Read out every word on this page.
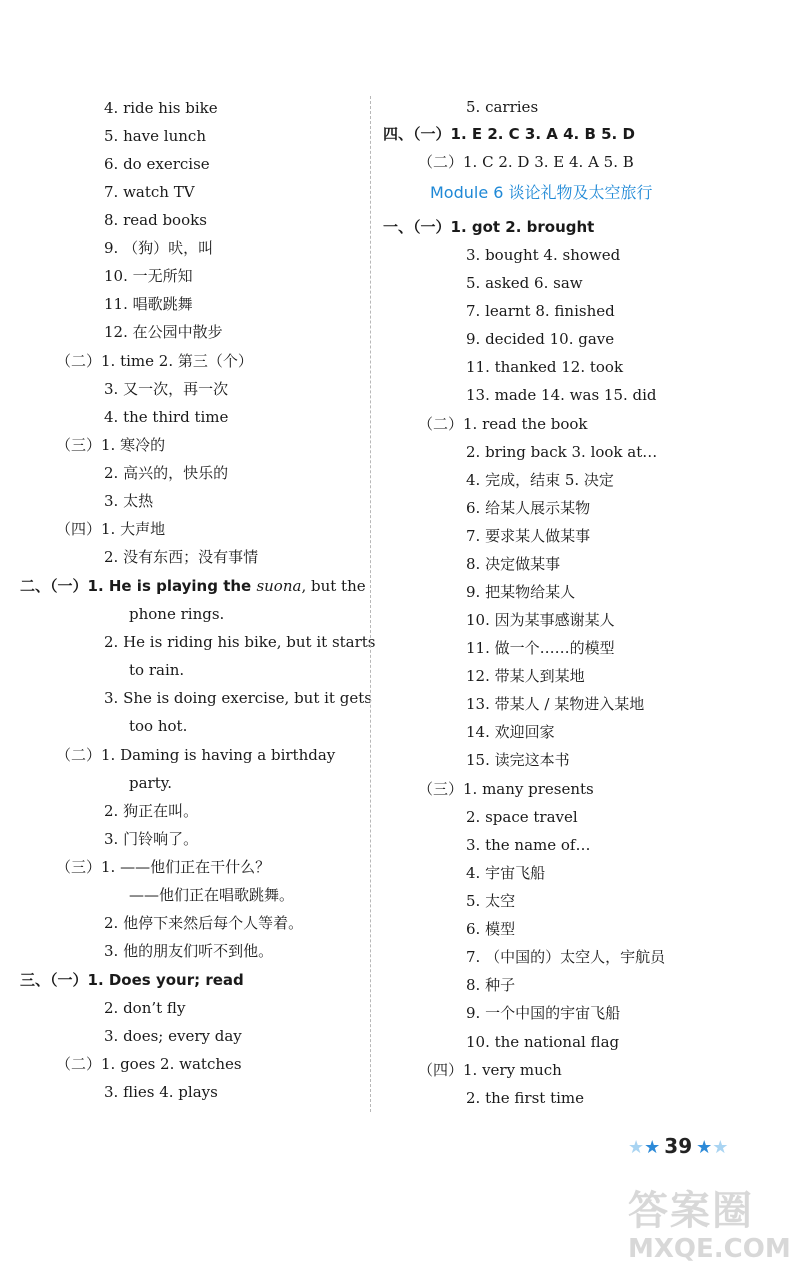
4. ride his bike
5. have lunch
6. do exercise
7. watch TV
8. read books
9. （狗）吠，叫
10. 一无所知
11. 唱歌跳舞
12. 在公园中散步
（二）1. time 2. 第三（个）
3. 又一次，再一次
4. the third time
（三）1. 寒冷的
2. 高兴的，快乐的
3. 太热
（四）1. 大声地
2. 没有东西；没有事情
二、（一）1. He is playing the suona, but the
phone rings.
2. He is riding his bike, but it starts
to rain.
3. She is doing exercise, but it gets
too hot.
（二）1. Daming is having a birthday
party.
2. 狗正在叫。
3. 门铃响了。
（三）1. ——他们正在干什么？
——他们正在唱歌跳舞。
2. 他停下来然后每个人等着。
3. 他的朋友们听不到他。
三、（一）1. Does your; read
2. don’t fly
3. does; every day
（二）1. goes 2. watches
3. flies 4. plays
5. carries
四、（一）1. E 2. C 3. A 4. B 5. D
（二）1. C 2. D 3. E 4. A 5. B
Module 6 谈论礼物及太空旅行
一、（一）1. got 2. brought
3. bought 4. showed
5. asked 6. saw
7. learnt 8. finished
9. decided 10. gave
11. thanked 12. took
13. made 14. was 15. did
（二）1. read the book
2. bring back 3. look at…
4. 完成，结束 5. 决定
6. 给某人展示某物
7. 要求某人做某事
8. 决定做某事
9. 把某物给某人
10. 因为某事感谢某人
11. 做一个……的模型
12. 带某人到某地
13. 带某人 / 某物进入某地
14. 欢迎回家
15. 读完这本书
（三）1. many presents
2. space travel
3. the name of…
4. 宇宙飞船
5. 太空
6. 模型
7. （中国的）太空人，宇航员
8. 种子
9. 一个中国的宇宙飞船
10. the national flag
（四）1. very much
2. the first time
★★ 39 ★★
答案圈
MXQE.COM
